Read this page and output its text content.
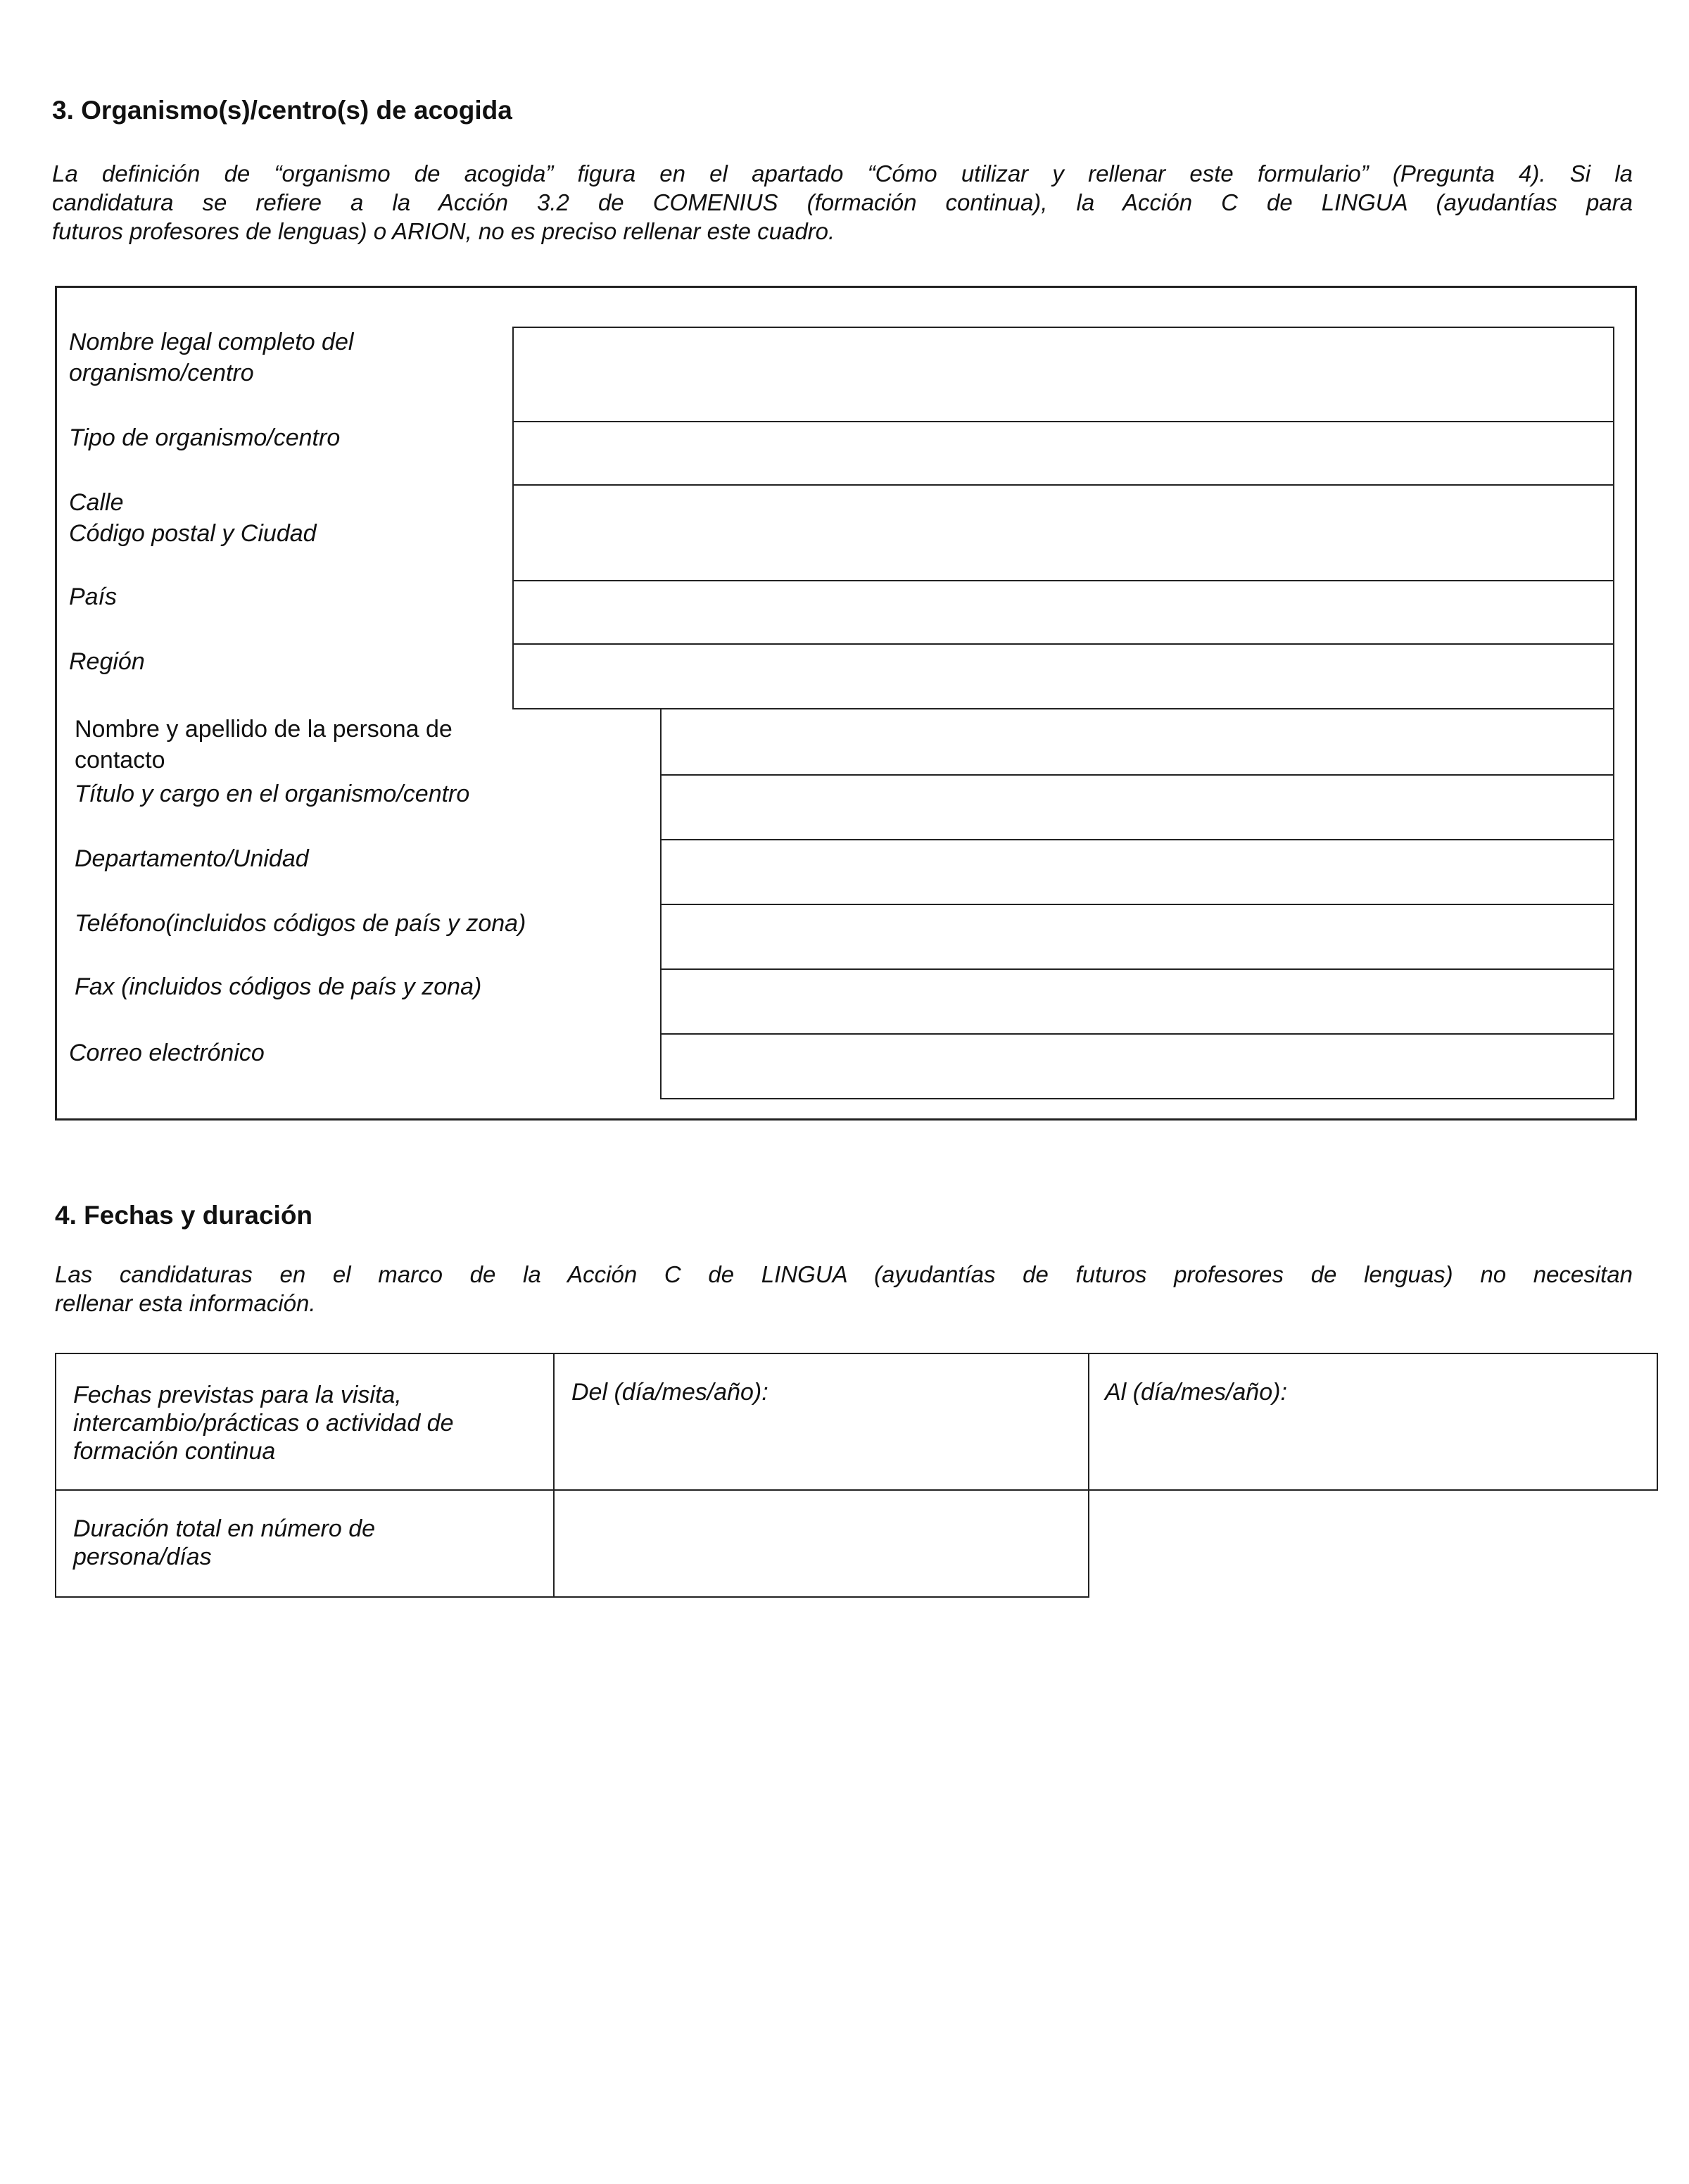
3. Organismo(s)/centro(s) de acogida
La definición de “organismo de acogida” figura en el apartado “Cómo utilizar y rellenar este formulario” (Pregunta 4). Si la
candidatura se refiere a la Acción 3.2 de COMENIUS (formación continua), la Acción C de LINGUA (ayudantías para
futuros profesores de lenguas) o ARION, no es preciso rellenar este cuadro.
Nombre legal completo del
organismo/centro
Tipo de organismo/centro
Calle
Código postal y Ciudad
País
Región
Nombre y apellido de la persona de
contacto
Título y cargo en el organismo/centro
Departamento/Unidad
Teléfono(incluidos códigos de país y zona)
Fax (incluidos códigos de país y zona)
Correo electrónico
4. Fechas y duración
Las candidaturas en el marco de la Acción C de LINGUA (ayudantías de futuros profesores de lenguas) no necesitan
rellenar esta información.
Fechas previstas para la visita,
intercambio/prácticas o actividad de
formación continua
Del (día/mes/año):	Al (día/mes/año):
Duración total en número de
persona/días
